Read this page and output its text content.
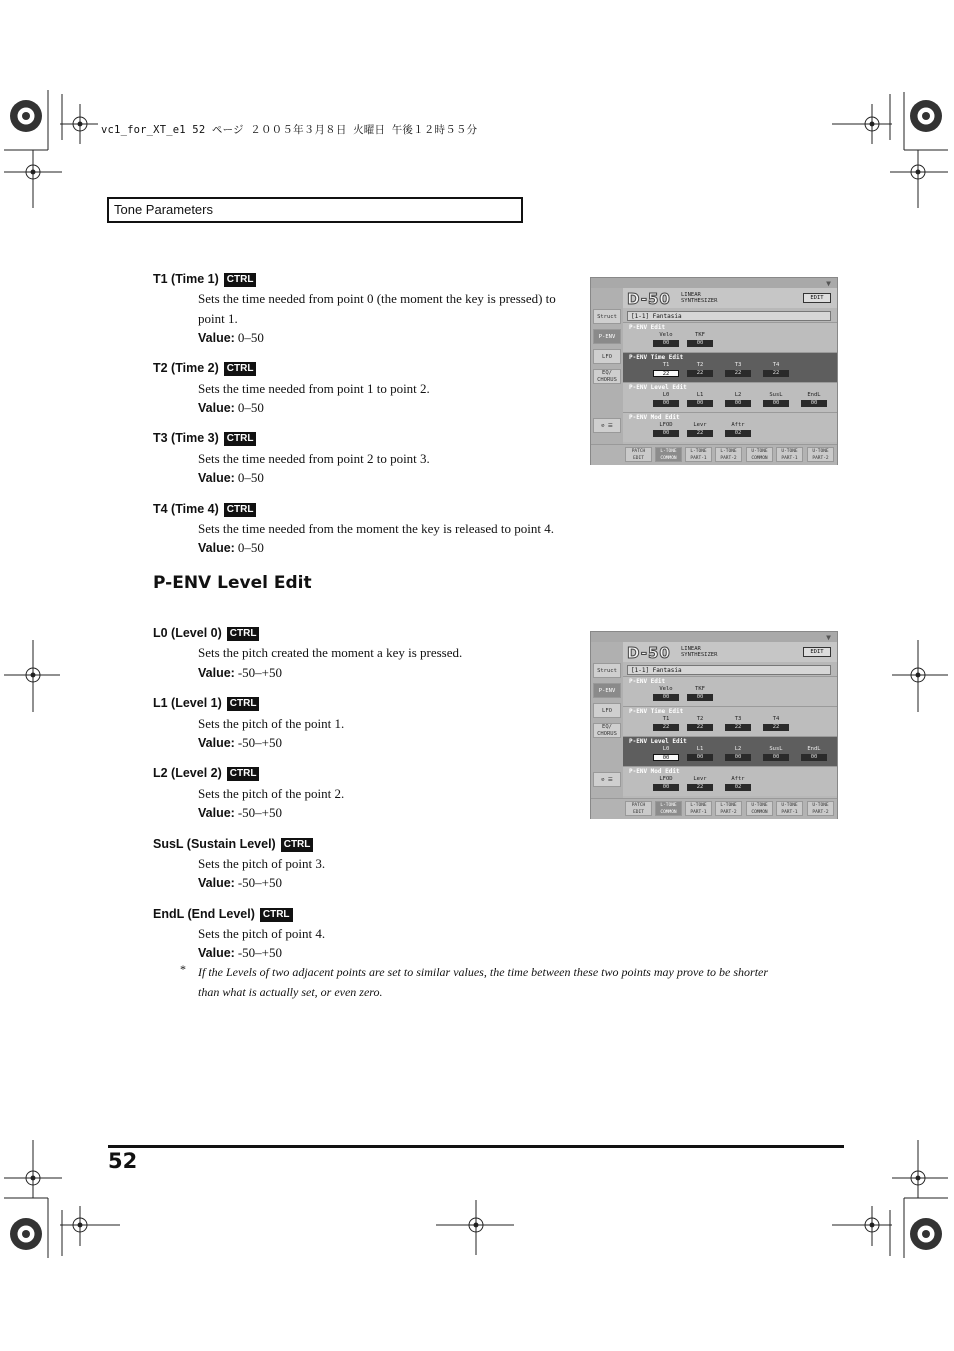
vc1_for_XT_e1 52 ページ ２００５年３月８日 火曜日 午後１２時５５分
Tone Parameters
T1 (Time 1) CTRL
Sets the time needed from point 0 (the moment the key is pressed) to point 1.
Value: 0–50
T2 (Time 2) CTRL
Sets the time needed from point 1 to point 2.
Value: 0–50
T3 (Time 3) CTRL
Sets the time needed from point 2 to point 3.
Value: 0–50
T4 (Time 4) CTRL
Sets the time needed from the moment the key is released to point 4.
Value: 0–50
P-ENV Level Edit
L0 (Level 0) CTRL
Sets the pitch created the moment a key is pressed.
Value: -50–+50
L1 (Level 1) CTRL
Sets the pitch of the point 1.
Value: -50–+50
L2 (Level 2) CTRL
Sets the pitch of the point 2.
Value: -50–+50
SusL (Sustain Level) CTRL
Sets the pitch of point 3.
Value: -50–+50
EndL (End Level) CTRL
Sets the pitch of point 4.
Value: -50–+50
* If the Levels of two adjacent points are set to similar values, the time between these two points may prove to be shorter than what is actually set, or even zero.
52
▼
D-50 LINEAR
SYNTHESIZER	EDIT
Struct
P-ENV
LFO
EQ/ CHORUS
⊘ ☰
[1-1] Fantasia
P-ENV Edit
Velo	TKF
00	00
P-ENV Time Edit
T1	T2	T3	T4
22	22	22	22
P-ENV Level Edit
L0	L1	L2	SusL	EndL
00	00	00	00	00
P-ENV Mod Edit
LFOD	Levr	Aftr
00	22	02
PATCH
EDIT
L-TONE
COMMON
L-TONE
PART-1
L-TONE
PART-2
U-TONE
COMMON
U-TONE
PART-1
U-TONE
PART-2
▼
D-50 LINEAR
SYNTHESIZER	EDIT
Struct
P-ENV
LFO
EQ/ CHORUS
⊘ ☰
[1-1] Fantasia
P-ENV Edit
Velo	TKF
00	00
P-ENV Time Edit
T1	T2	T3	T4
22	22	22	22
P-ENV Level Edit
L0	L1	L2	SusL	EndL
00	00	00	00	00
P-ENV Mod Edit
LFOD	Levr	Aftr
00	22	02
PATCH
EDIT
L-TONE
COMMON
L-TONE
PART-1
L-TONE
PART-2
U-TONE
COMMON
U-TONE
PART-1
U-TONE
PART-2
